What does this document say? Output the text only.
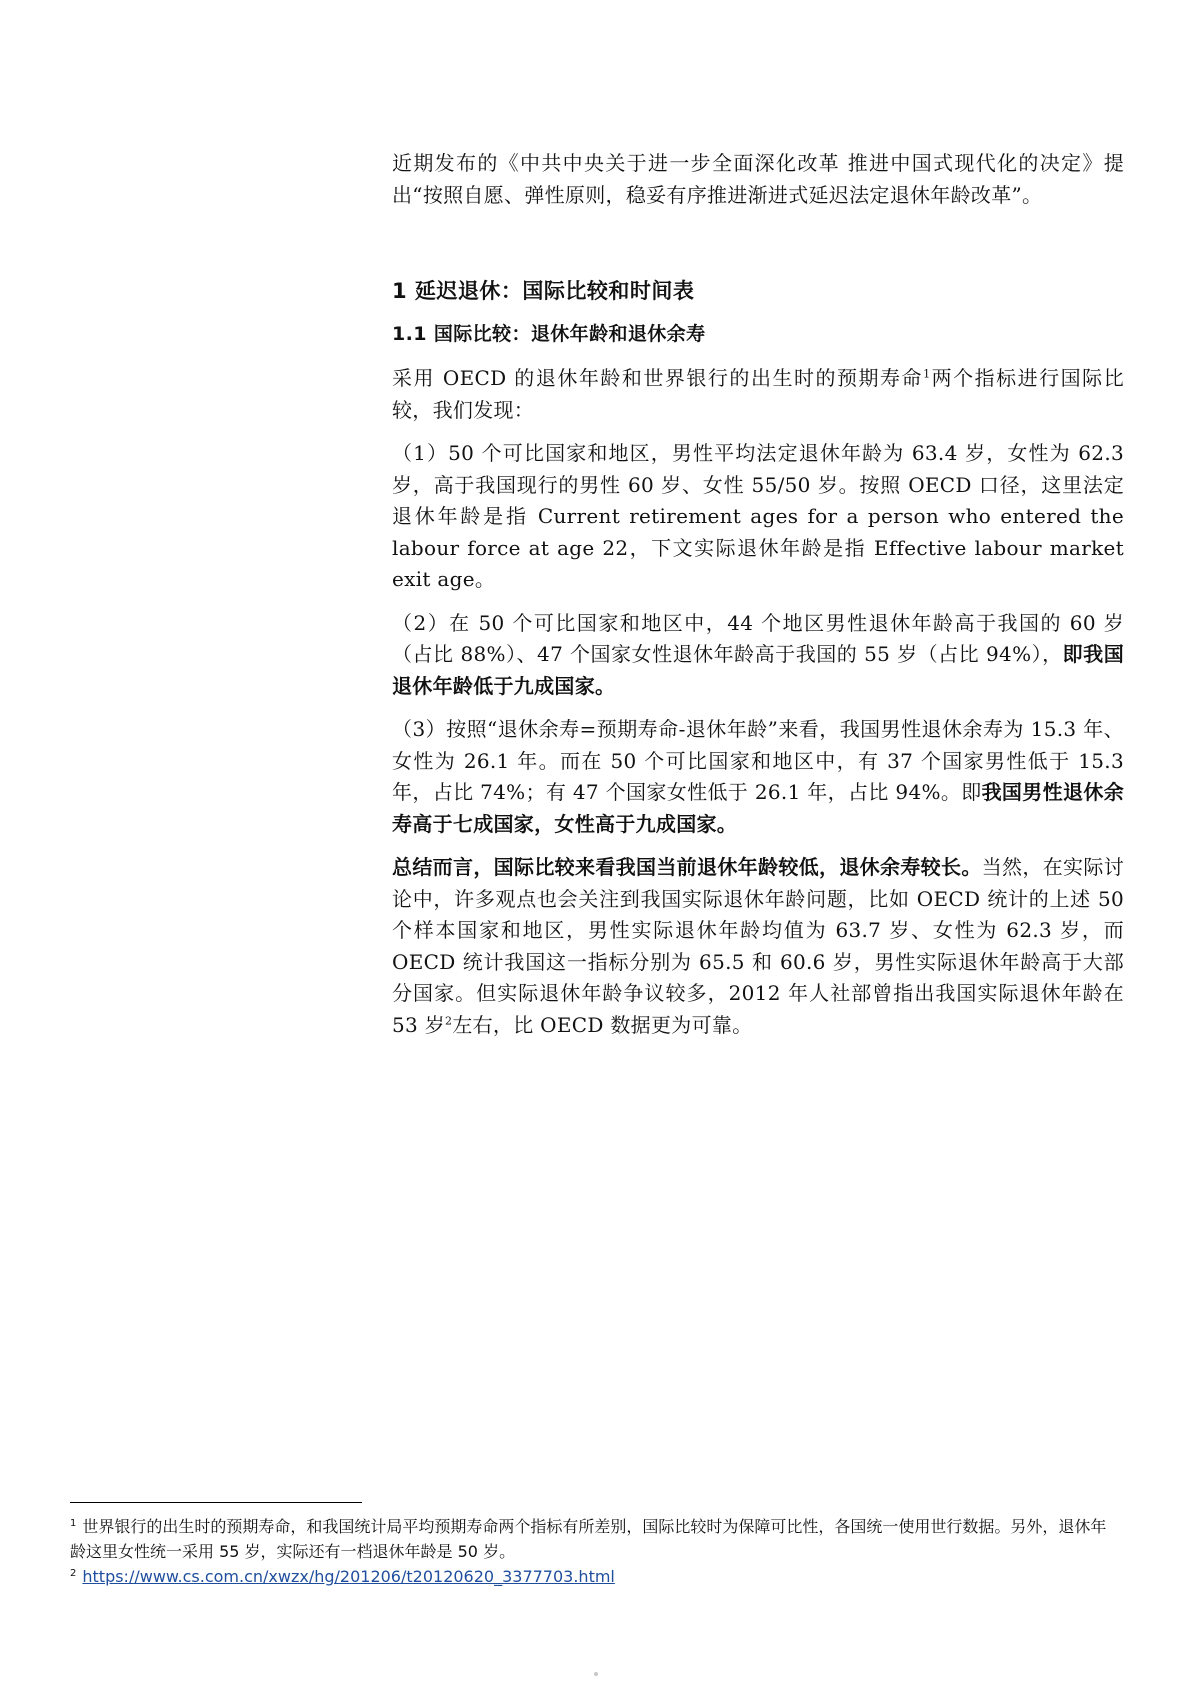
近期发布的《中共中央关于进一步全面深化改革 推进中国式现代化的决定》提出“按照自愿、弹性原则，稳妥有序推进渐进式延迟法定退休年龄改革”。

1 延迟退休：国际比较和时间表
1.1 国际比较：退休年龄和退休余寿

采用 OECD 的退休年龄和世界银行的出生时的预期寿命$^1$两个指标进行国际比较，我们发现：

（1）50 个可比国家和地区，男性平均法定退休年龄为 63.4 岁，女性为 62.3 岁，高于我国现行的男性 60 岁、女性 55/50 岁。按照 OECD 口径，这里法定退休年龄是指 Current retirement ages for a person who entered the labour force at age 22，下文实际退休年龄是指 Effective labour market exit age。

（2）在 50 个可比国家和地区中，44 个地区男性退休年龄高于我国的 60 岁（占比 88%）、47 个国家女性退休年龄高于我国的 55 岁（占比 94%），即我国退休年龄低于九成国家。

（3）按照“退休余寿=预期寿命-退休年龄”来看，我国男性退休余寿为 15.3 年、女性为 26.1 年。而在 50 个可比国家和地区中，有 37 个国家男性低于 15.3 年，占比 74%；有 47 个国家女性低于 26.1 年，占比 94%。即我国男性退休余寿高于七成国家，女性高于九成国家。

总结而言，国际比较来看我国当前退休年龄较低，退休余寿较长。当然，在实际讨论中，许多观点也会关注到我国实际退休年龄问题，比如 OECD 统计的上述 50 个样本国家和地区，男性实际退休年龄均值为 63.7 岁、女性为 62.3 岁，而 OECD 统计我国这一指标分别为 65.5 和 60.6 岁，男性实际退休年龄高于大部分国家。但实际退休年龄争议较多，2012 年人社部曾指出我国实际退休年龄在 53 岁$^2$左右，比 OECD 数据更为可靠。

$^1$ 世界银行的出生时的预期寿命，和我国统计局平均预期寿命两个指标有所差别，国际比较时为保障可比性，各国统一使用世行数据。另外，退休年龄这里女性统一采用 55 岁，实际还有一档退休年龄是 50 岁。
$^2$ https://www.cs.com.cn/xwzx/hg/201206/t20120620_3377703.html
